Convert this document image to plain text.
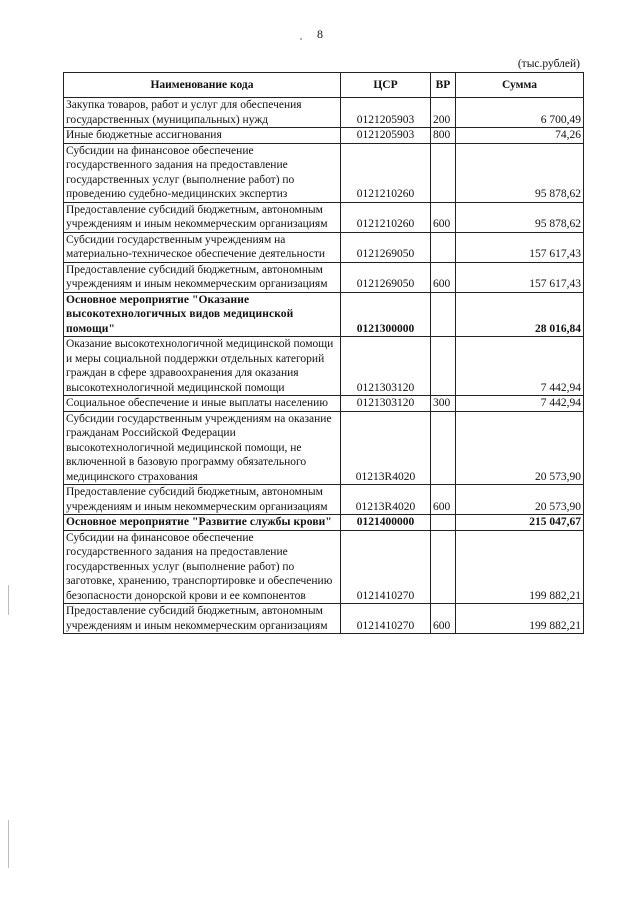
8
(тыс.рублей)
Наименование кода	ЦСР	ВР	Сумма
Закупка товаров, работ и услуг для обеспечения государственных (муниципальных) нужд	0121205903	200	6 700,49
Иные бюджетные ассигнования	0121205903	800	74,26
Субсидии на финансовое обеспечение государственного задания на предоставление государственных услуг (выполнение работ) по проведению судебно-медицинских экспертиз	0121210260		95 878,62
Предоставление субсидий бюджетным, автономным учреждениям и иным некоммерческим организациям	0121210260	600	95 878,62
Субсидии государственным учреждениям на материально-техническое обеспечение деятельности	0121269050		157 617,43
Предоставление субсидий бюджетным, автономным учреждениям и иным некоммерческим организациям	0121269050	600	157 617,43
Основное мероприятие "Оказание высокотехнологичных видов медицинской помощи"	0121300000		28 016,84
Оказание высокотехнологичной медицинской помощи и меры социальной поддержки отдельных категорий граждан в сфере здравоохранения для оказания высокотехнологичной медицинской помощи	0121303120		7 442,94
Социальное обеспечение и иные выплаты населению	0121303120	300	7 442,94
Субсидии государственным учреждениям на оказание гражданам Российской Федерации высокотехнологичной медицинской помощи, не включенной в базовую программу обязательного медицинского страхования	01213R4020		20 573,90
Предоставление субсидий бюджетным, автономным учреждениям и иным некоммерческим организациям	01213R4020	600	20 573,90
Основное мероприятие "Развитие службы крови"	0121400000		215 047,67
Субсидии на финансовое обеспечение государственного задания на предоставление государственных услуг (выполнение работ) по заготовке, хранению, транспортировке и обеспечению безопасности донорской крови и ее компонентов	0121410270		199 882,21
Предоставление субсидий бюджетным, автономным учреждениям и иным некоммерческим организациям	0121410270	600	199 882,21
